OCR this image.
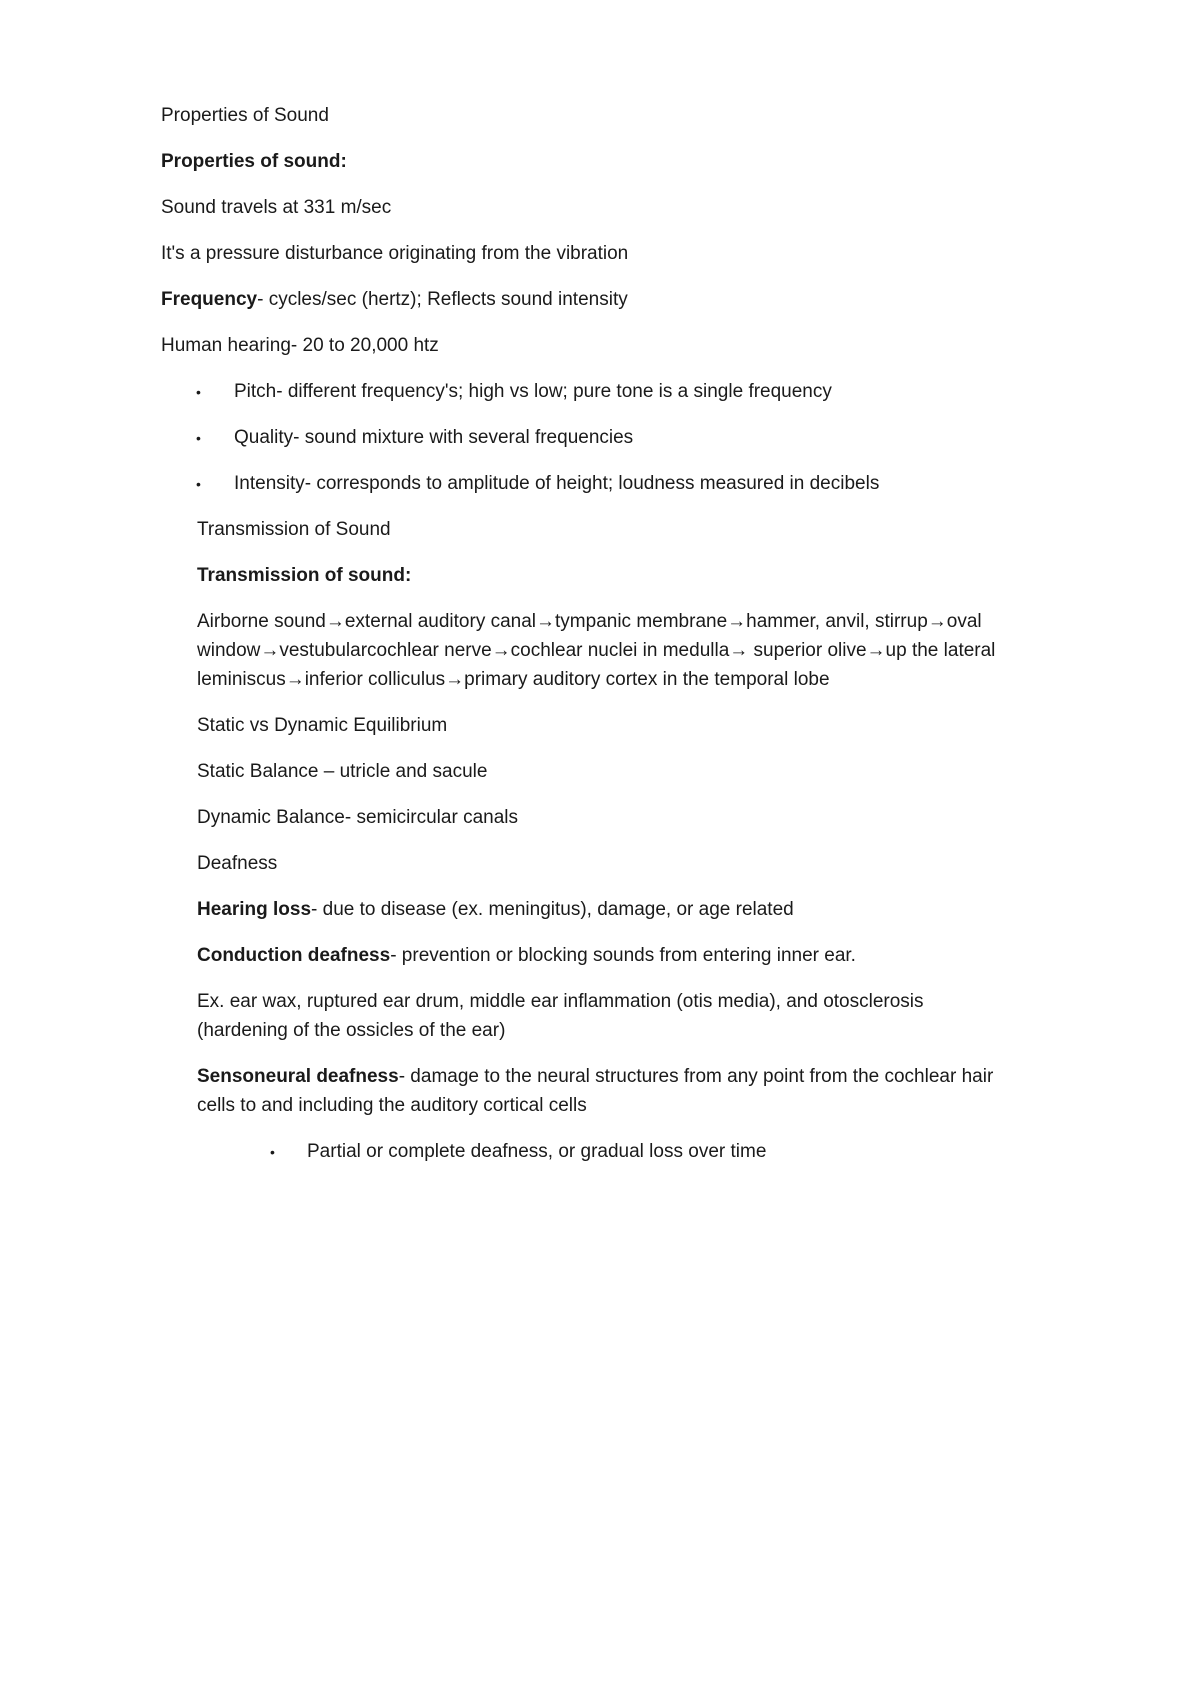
Properties of Sound
Properties of sound:
Sound travels at 331 m/sec
It's a pressure disturbance originating from the vibration
Frequency- cycles/sec (hertz); Reflects sound intensity
Human hearing- 20 to 20,000 htz
• Pitch- different frequency's; high vs low; pure tone is a single frequency
• Quality- sound mixture with several frequencies
• Intensity- corresponds to amplitude of height; loudness measured in decibels
Transmission of Sound
Transmission of sound:
Airborne sound→external auditory canal→tympanic membrane→hammer, anvil, stirrup→oval
window→vestubularcochlear nerve→cochlear nuclei in medulla→ superior olive→up the lateral
leminiscus→inferior colliculus→primary auditory cortex in the temporal lobe
Static vs Dynamic Equilibrium
Static Balance – utricle and sacule
Dynamic Balance- semicircular canals
Deafness
Hearing loss- due to disease (ex. meningitus), damage, or age related
Conduction deafness- prevention or blocking sounds from entering inner ear.
Ex. ear wax, ruptured ear drum, middle ear inflammation (otis media), and otosclerosis
(hardening of the ossicles of the ear)
Sensoneural deafness- damage to the neural structures from any point from the cochlear hair
cells to and including the auditory cortical cells
• Partial or complete deafness, or gradual loss over time
